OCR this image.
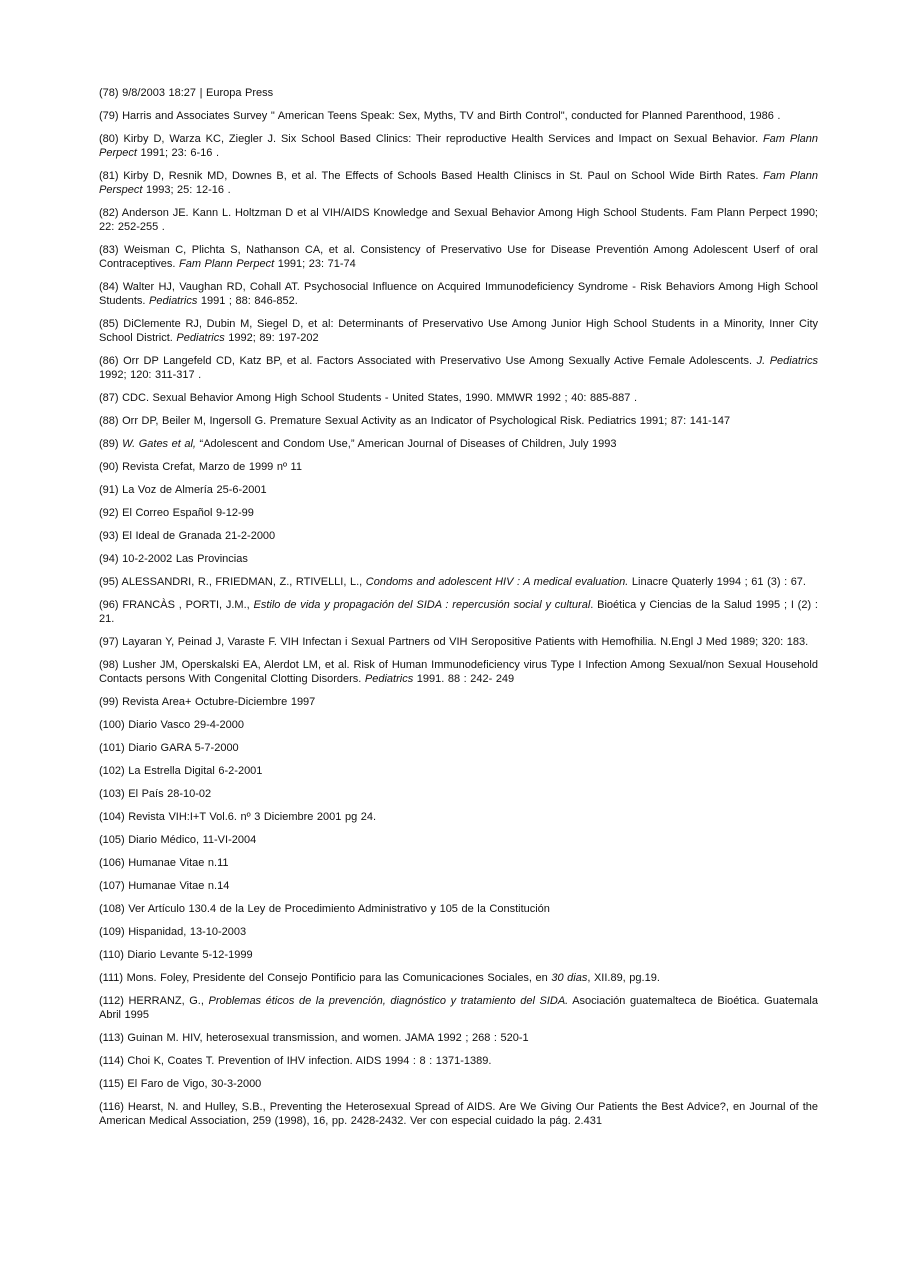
(78) 9/8/2003 18:27 | Europa Press

(79) Harris and Associates Survey " American Teens Speak: Sex, Myths, TV and Birth Control", conducted for Planned Parenthood, 1986 .

(80) Kirby D, Warza KC, Ziegler J. Six School Based Clinics: Their reproductive Health Services and Impact on Sexual Behavior. Fam Plann Perpect 1991; 23: 6-16 .

(81) Kirby D, Resnik MD, Downes B, et al. The Effects of Schools Based Health Cliniscs in St. Paul on School Wide Birth Rates. Fam Plann Perspect 1993; 25: 12-16 .

(82) Anderson JE. Kann L. Holtzman D et al VIH/AIDS Knowledge and Sexual Behavior Among High School Students. Fam Plann Perpect 1990; 22: 252-255 .

(83) Weisman C, Plichta S, Nathanson CA, et al. Consistency of Preservativo Use for Disease Preventión Among Adolescent Userf of oral Contraceptives. Fam Plann Perpect 1991; 23: 71-74

(84) Walter HJ, Vaughan RD, Cohall AT. Psychosocial Influence on Acquired Immunodeficiency Syndrome - Risk Behaviors Among High School Students. Pediatrics 1991 ; 88: 846-852.

(85) DiClemente RJ, Dubin M, Siegel D, et al: Determinants of Preservativo Use Among Junior High School Students in a Minority, Inner City School District. Pediatrics 1992; 89: 197-202

(86) Orr DP Langefeld CD, Katz BP, et al. Factors Associated with Preservativo Use Among Sexually Active Female Adolescents. J. Pediatrics 1992; 120: 311-317 .

(87) CDC. Sexual Behavior Among High School Students - United States, 1990. MMWR 1992 ; 40: 885-887 .

(88) Orr DP, Beiler M, Ingersoll G. Premature Sexual Activity as an Indicator of Psychological Risk. Pediatrics 1991; 87: 141-147

(89) W. Gates et al, “Adolescent and Condom Use,” American Journal of Diseases of Children, July 1993

(90) Revista Crefat, Marzo de 1999 nº 11

(91) La Voz de Almería 25-6-2001

(92) El Correo Español 9-12-99

(93) El Ideal de Granada 21-2-2000

(94) 10-2-2002 Las Provincias

(95) ALESSANDRI, R., FRIEDMAN, Z., RTIVELLI, L., Condoms and adolescent HIV : A medical evaluation. Linacre Quaterly 1994 ; 61 (3) : 67.

(96) FRANCÀS , PORTI, J.M., Estilo de vida y propagación del SIDA : repercusión social y cultural. Bioética y Ciencias de la Salud 1995 ; I (2) : 21.

(97) Layaran Y, Peinad J, Varaste F. VIH Infectan i Sexual Partners od VIH Seropositive Patients with Hemofhilia. N.Engl J Med 1989; 320: 183.

(98) Lusher JM, Operskalski EA, Alerdot LM, et al. Risk of Human Immunodeficiency virus Type I Infection Among Sexual/non Sexual Household Contacts persons With Congenital Clotting Disorders. Pediatrics 1991. 88 : 242- 249

(99) Revista Area+ Octubre-Diciembre 1997

(100) Diario Vasco 29-4-2000

(101) Diario GARA 5-7-2000

(102) La Estrella Digital 6-2-2001

(103) El País 28-10-02

(104) Revista VIH:I+T Vol.6. nº 3 Diciembre 2001 pg 24.

(105) Diario Médico, 11-VI-2004

(106) Humanae Vitae n.11

(107) Humanae Vitae n.14

(108) Ver Artículo 130.4 de la Ley de Procedimiento Administrativo y 105 de la Constitución

(109) Hispanidad, 13-10-2003

(110) Diario Levante 5-12-1999

(111) Mons. Foley, Presidente del Consejo Pontificio para las Comunicaciones Sociales, en 30 dias, XII.89, pg.19.

(112) HERRANZ, G., Problemas éticos de la prevención, diagnóstico y tratamiento del SIDA. Asociación guatemalteca de Bioética. Guatemala Abril 1995

(113) Guinan M. HIV, heterosexual transmission, and women. JAMA 1992 ; 268 : 520-1

(114) Choi K, Coates T. Prevention of IHV infection. AIDS 1994 : 8 : 1371-1389.

(115) El Faro de Vigo, 30-3-2000

(116) Hearst, N. and Hulley, S.B., Preventing the Heterosexual Spread of AIDS. Are We Giving Our Patients the Best Advice?, en Journal of the American Medical Association, 259 (1998), 16, pp. 2428-2432. Ver con especial cuidado la pág. 2.431
